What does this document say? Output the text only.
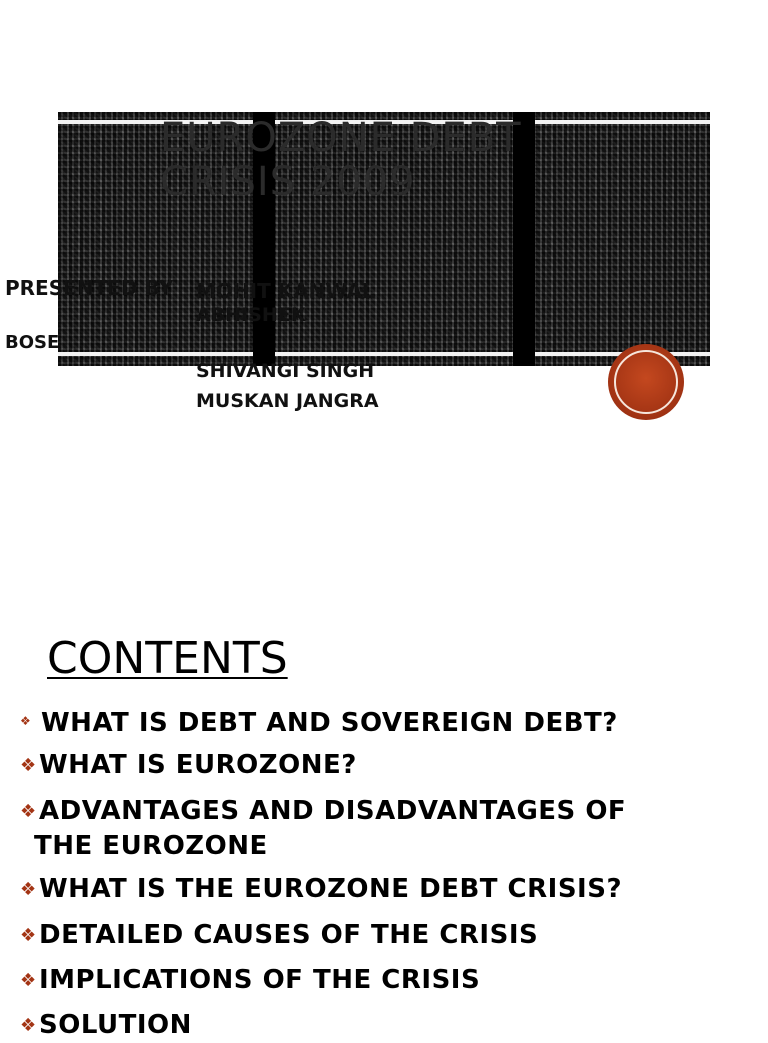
EUROZONE DEBT CRISIS 2009
PRESENTED BY MOHIT KANWAL
ABHISHEK
BOSE
SHIVANGI SINGH
MUSKAN JANGRA
CONTENTS
❖ WHAT IS DEBT AND SOVEREIGN DEBT?
❖WHAT IS EUROZONE?
❖ADVANTAGES AND DISADVANTAGES OF
THE EUROZONE
❖WHAT IS THE EUROZONE DEBT CRISIS?
❖DETAILED CAUSES OF THE CRISIS
❖IMPLICATIONS OF THE CRISIS
❖SOLUTION
